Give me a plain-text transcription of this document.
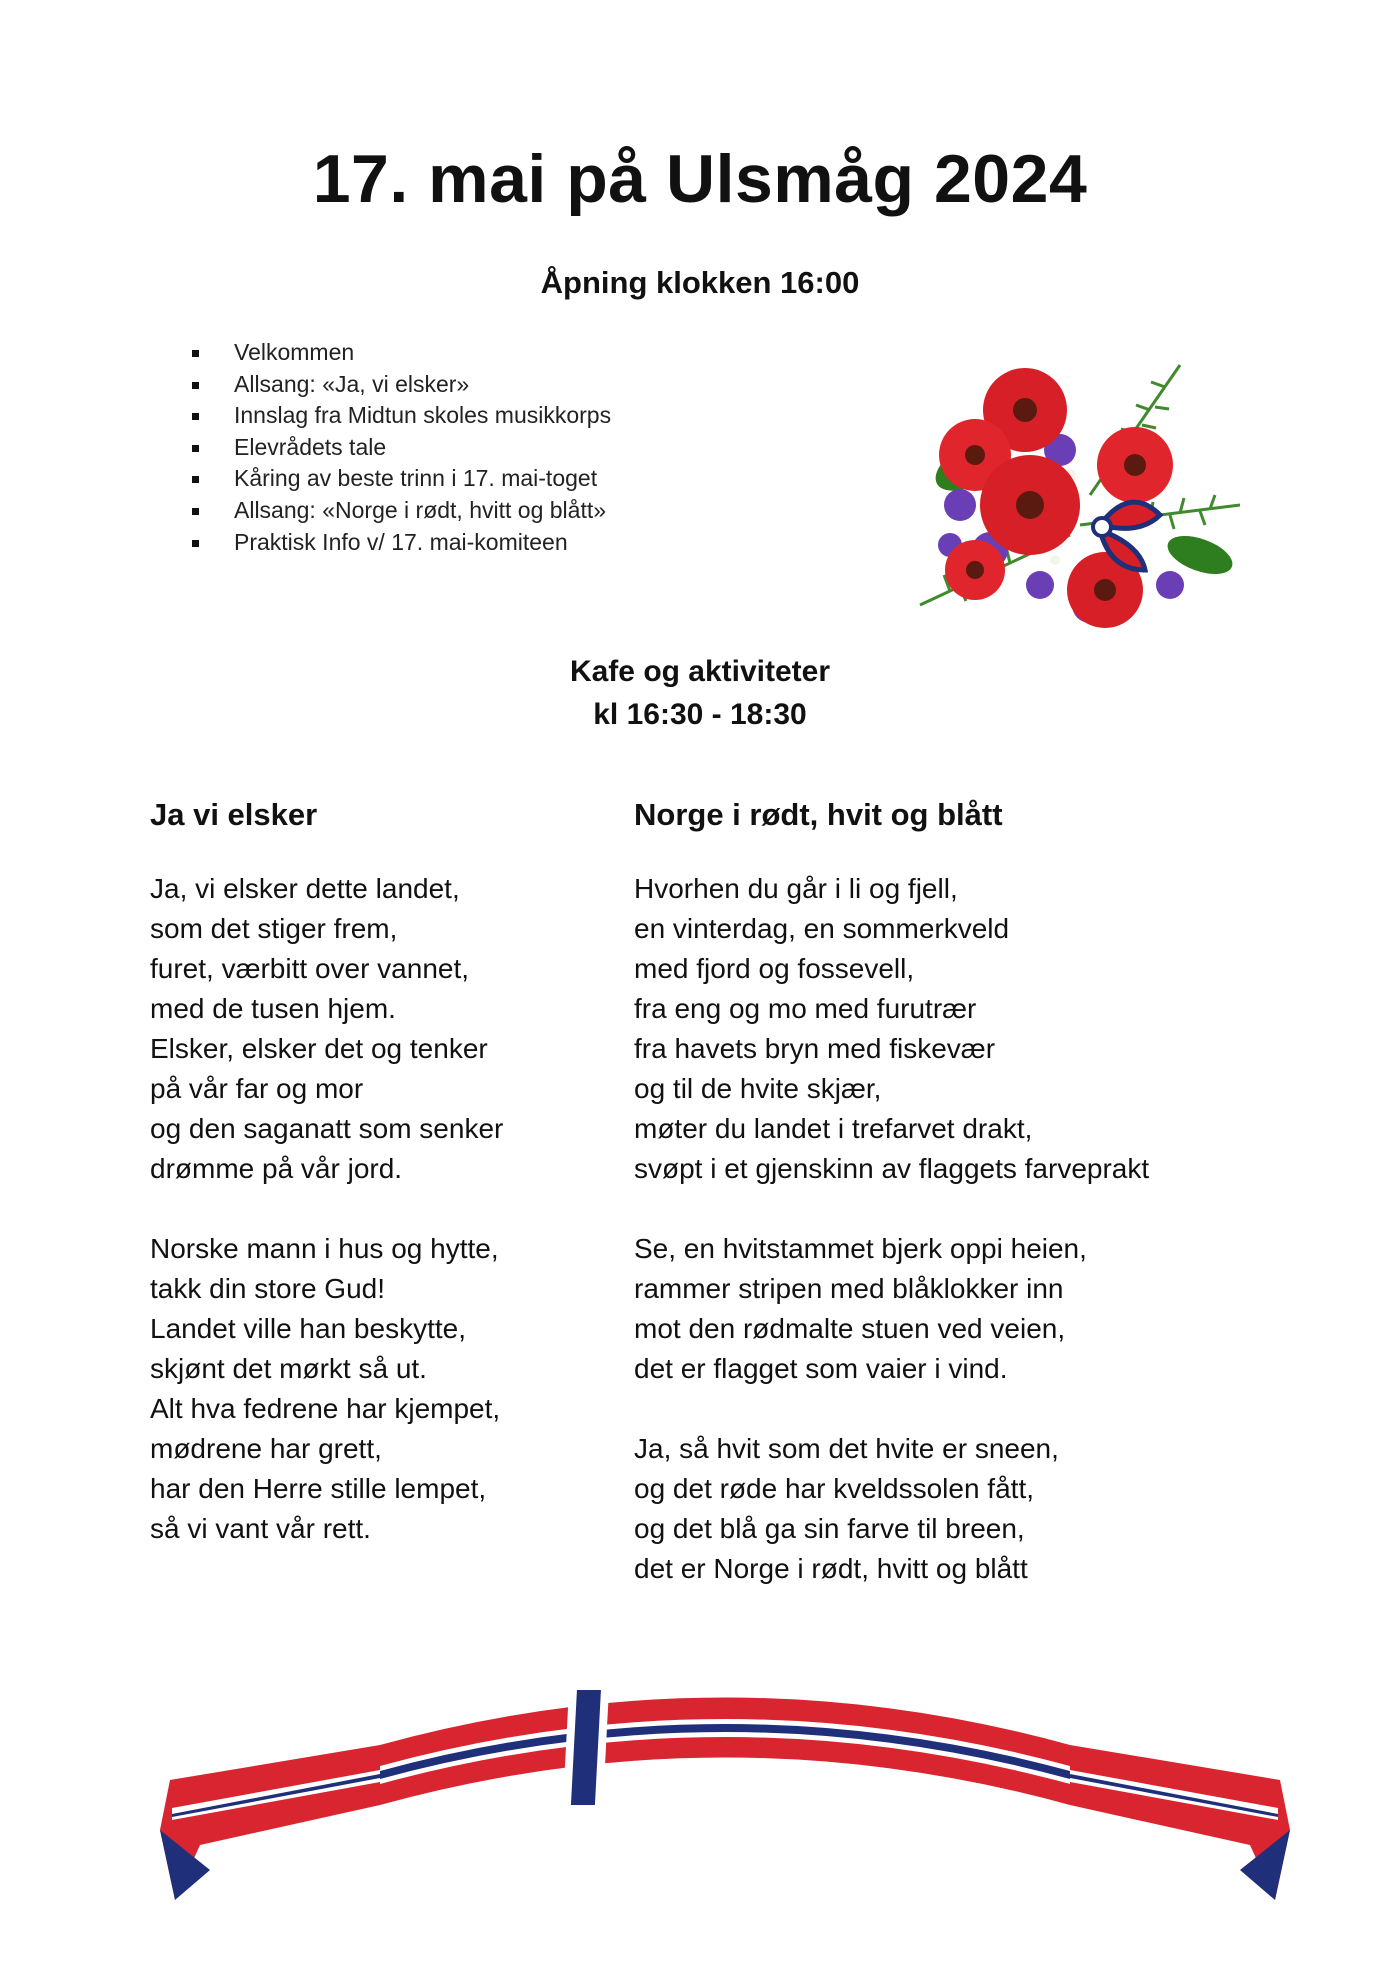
17. mai på Ulsmåg 2024
Åpning klokken 16:00
Velkommen
Allsang: «Ja, vi elsker»
Innslag fra Midtun skoles musikkorps
Elevrådets tale
Kåring av beste trinn i 17. mai-toget
Allsang: «Norge i rødt, hvitt og blått»
Praktisk Info v/ 17. mai-komiteen
Kafe og aktiviteter
kl 16:30 - 18:30
Ja vi elsker
Ja, vi elsker dette landet,
som det stiger frem,
furet, værbitt over vannet,
med de tusen hjem.
Elsker, elsker det og tenker
på vår far og mor
og den saganatt som senker
drømme på vår jord.
Norske mann i hus og hytte,
takk din store Gud!
Landet ville han beskytte,
skjønt det mørkt så ut.
Alt hva fedrene har kjempet,
mødrene har grett,
har den Herre stille lempet,
så vi vant vår rett.
Norge i rødt, hvit og blått
Hvorhen du går i li og fjell,
en vinterdag, en sommerkveld
med fjord og fossevell,
fra eng og mo med furutrær
fra havets bryn med fiskevær
og til de hvite skjær,
møter du landet i trefarvet drakt,
svøpt i et gjenskinn av flaggets farveprakt
Se, en hvitstammet bjerk oppi heien,
rammer stripen med blåklokker inn
mot den rødmalte stuen ved veien,
det er flagget som vaier i vind.
Ja, så hvit som det hvite er sneen,
og det røde har kveldssolen fått,
og det blå ga sin farve til breen,
det er Norge i rødt, hvitt og blått
